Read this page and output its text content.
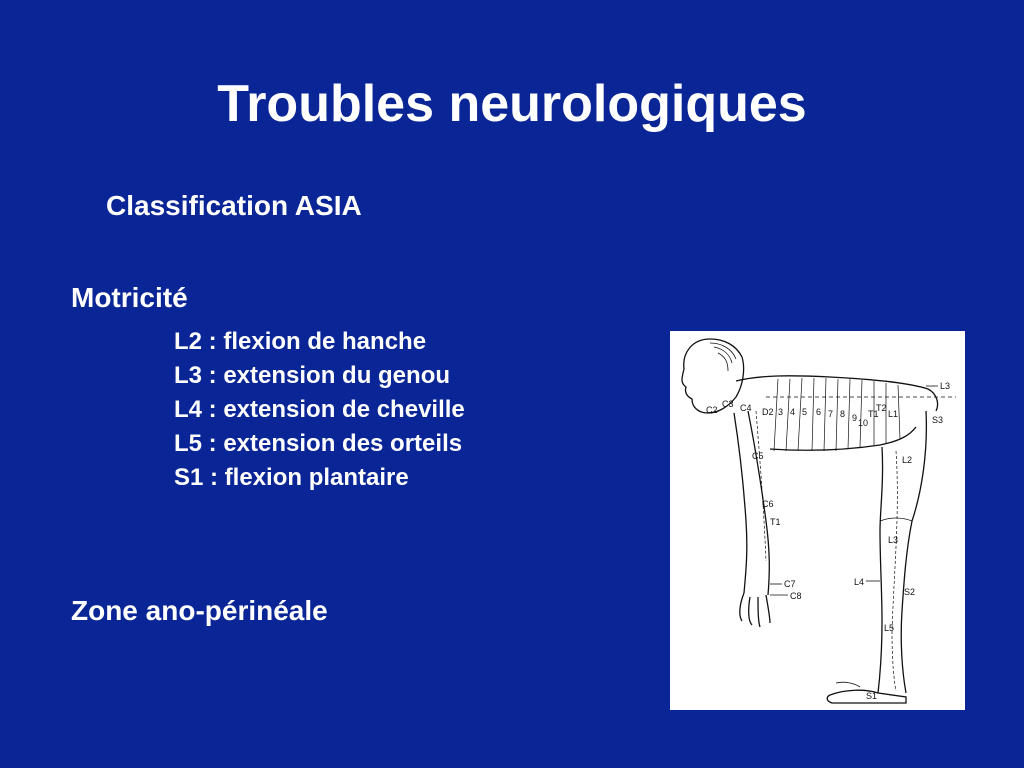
Troubles neurologiques
Classification ASIA
Motricité
L2 : flexion de hanche
L3 : extension du genou
L4 : extension de cheville
L5 : extension des orteils
S1 : flexion plantaire
Zone ano-périnéale
L3
C2
C3 C4 D2 3 4 5 6 7 8 9 10
T1
T2
L1
S3
C5	L2
C6
T1
L3
C7
C8
L4
S2
L5
S1
